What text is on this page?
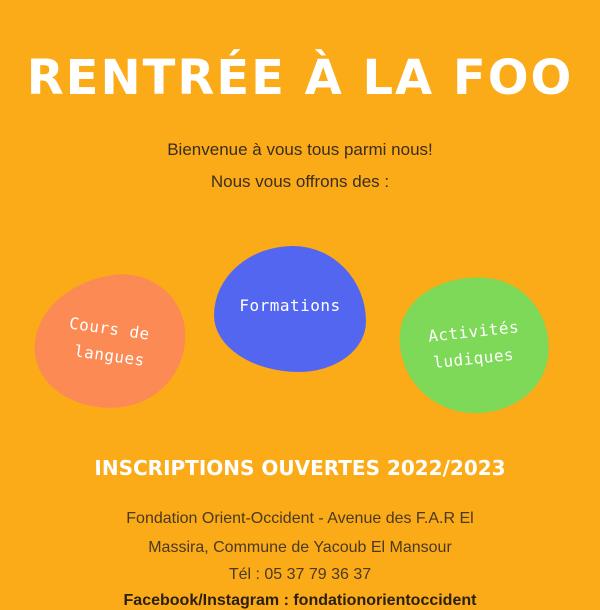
RENTRÉE À LA FOO
Bienvenue à vous tous parmi nous!
Nous vous offrons des :
Cours de
langues
Formations
Activités
ludiques
INSCRIPTIONS OUVERTES 2022/2023
Fondation Orient-Occident - Avenue des F.A.R El
Massira, Commune de Yacoub El Mansour
Tél : 05 37 79 36 37
Facebook/Instagram : fondationorientoccident
